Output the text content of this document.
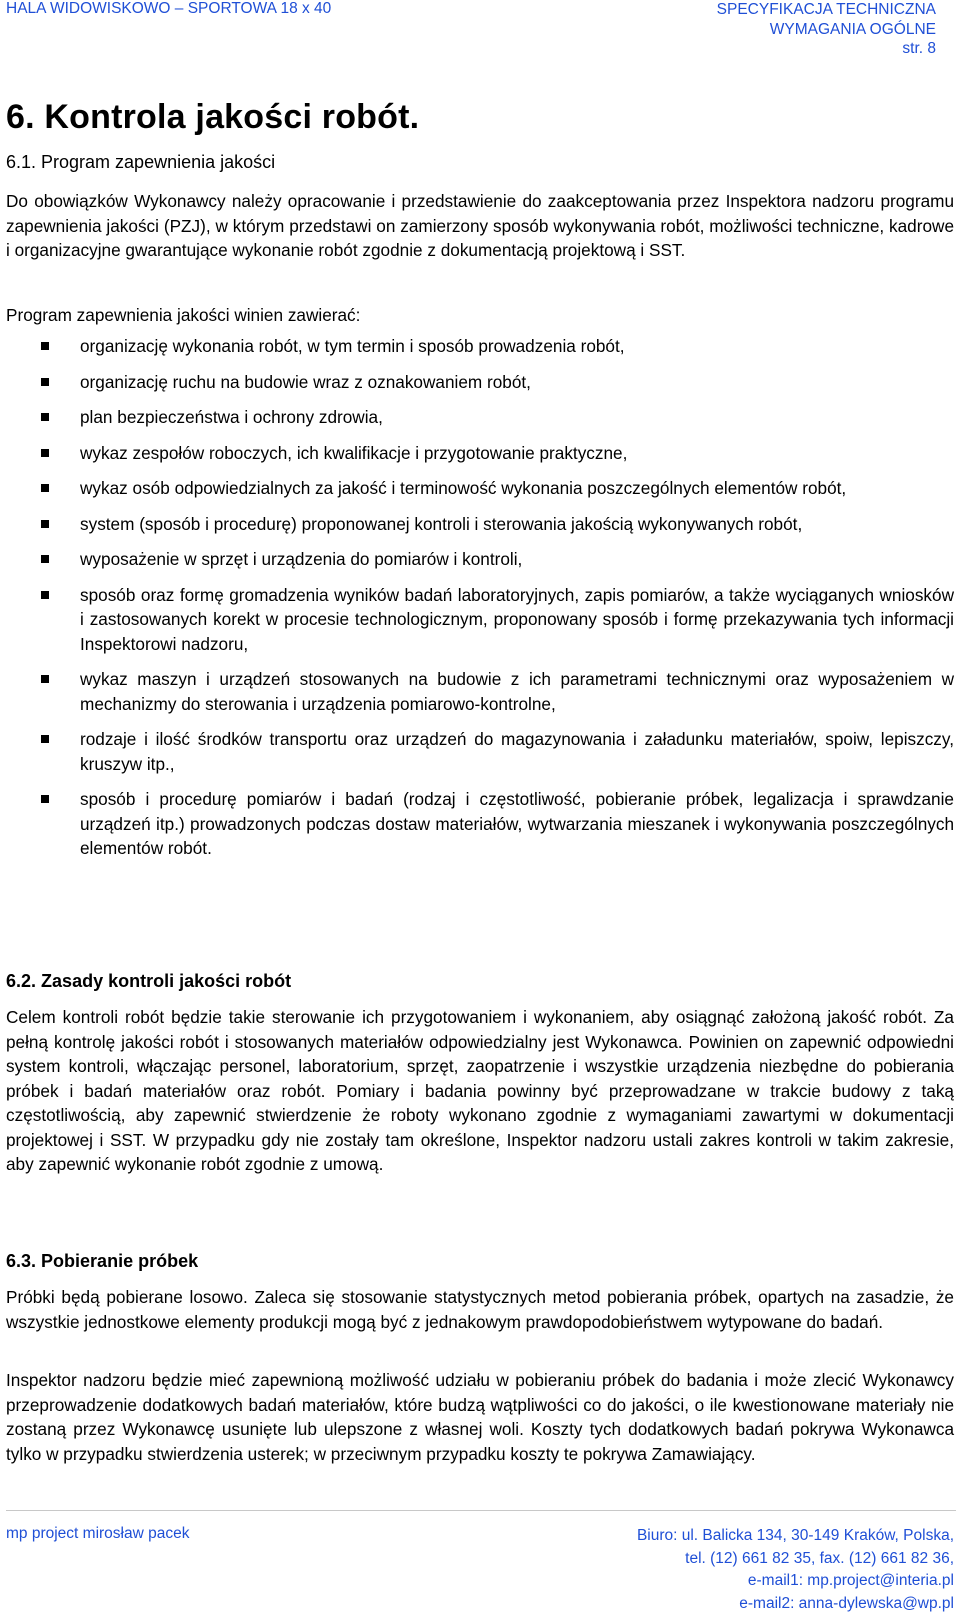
HALA WIDOWISKOWO – SPORTOWA 18 x 40	SPECYFIKACJA TECHNICZNA
WYMAGANIA OGÓLNE
str. 8
6. Kontrola jakości robót.
6.1. Program zapewnienia jakości
Do obowiązków Wykonawcy należy opracowanie i przedstawienie do zaakceptowania przez Inspektora nadzoru programu zapewnienia jakości (PZJ), w którym przedstawi on zamierzony sposób wykonywania robót, możliwości techniczne, kadrowe i organizacyjne gwarantujące wykonanie robót zgodnie z dokumentacją projektową i SST.
Program zapewnienia jakości winien zawierać:
organizację wykonania robót, w tym termin i sposób prowadzenia robót,
organizację ruchu na budowie wraz z oznakowaniem robót,
plan bezpieczeństwa i ochrony zdrowia,
wykaz zespołów roboczych, ich kwalifikacje i przygotowanie praktyczne,
wykaz osób odpowiedzialnych za jakość i terminowość wykonania poszczególnych elementów robót,
system (sposób i procedurę) proponowanej kontroli i sterowania jakością wykonywanych robót,
wyposażenie w sprzęt i urządzenia do pomiarów i kontroli,
sposób oraz formę gromadzenia wyników badań laboratoryjnych, zapis pomiarów, a także wyciąganych wniosków i zastosowanych korekt w procesie technologicznym, proponowany sposób i formę przekazywania tych informacji Inspektorowi nadzoru,
wykaz maszyn i urządzeń stosowanych na budowie z ich parametrami technicznymi oraz wyposażeniem w mechanizmy do sterowania i urządzenia pomiarowo-kontrolne,
rodzaje i ilość środków transportu oraz urządzeń do magazynowania i załadunku materiałów, spoiw, lepiszczy, kruszyw itp.,
sposób i procedurę pomiarów i badań (rodzaj i częstotliwość, pobieranie próbek, legalizacja i sprawdzanie urządzeń itp.) prowadzonych podczas dostaw materiałów, wytwarzania mieszanek i wykonywania poszczególnych elementów robót.
6.2. Zasady kontroli jakości robót
Celem kontroli robót będzie takie sterowanie ich przygotowaniem i wykonaniem, aby osiągnąć założoną jakość robót. Za pełną kontrolę jakości robót i stosowanych materiałów odpowiedzialny jest Wykonawca. Powinien on zapewnić odpowiedni system kontroli, włączając personel, laboratorium, sprzęt, zaopatrzenie i wszystkie urządzenia niezbędne do pobierania próbek i badań materiałów oraz robót. Pomiary i badania powinny być przeprowadzane w trakcie budowy z taką częstotliwością, aby zapewnić stwierdzenie że roboty wykonano zgodnie z wymaganiami zawartymi w dokumentacji projektowej i SST. W przypadku gdy nie zostały tam określone, Inspektor nadzoru ustali zakres kontroli w takim zakresie, aby zapewnić wykonanie robót zgodnie z umową.
6.3. Pobieranie próbek
Próbki będą pobierane losowo. Zaleca się stosowanie statystycznych metod pobierania próbek, opartych na zasadzie, że wszystkie jednostkowe elementy produkcji mogą być z jednakowym prawdopodobieństwem wytypowane do badań.
Inspektor nadzoru będzie mieć zapewnioną możliwość udziału w pobieraniu próbek do badania i może zlecić Wykonawcy przeprowadzenie dodatkowych badań materiałów, które budzą wątpliwości co do jakości, o ile kwestionowane materiały nie zostaną przez Wykonawcę usunięte lub ulepszone z własnej woli. Koszty tych dodatkowych badań pokrywa Wykonawca tylko w przypadku stwierdzenia usterek; w przeciwnym przypadku koszty te pokrywa Zamawiający.
mp project mirosław pacek	Biuro: ul. Balicka 134, 30-149 Kraków, Polska,
tel. (12) 661 82 35, fax. (12) 661 82 36,
e-mail1: mp.project@interia.pl
e-mail2: anna-dylewska@wp.pl
